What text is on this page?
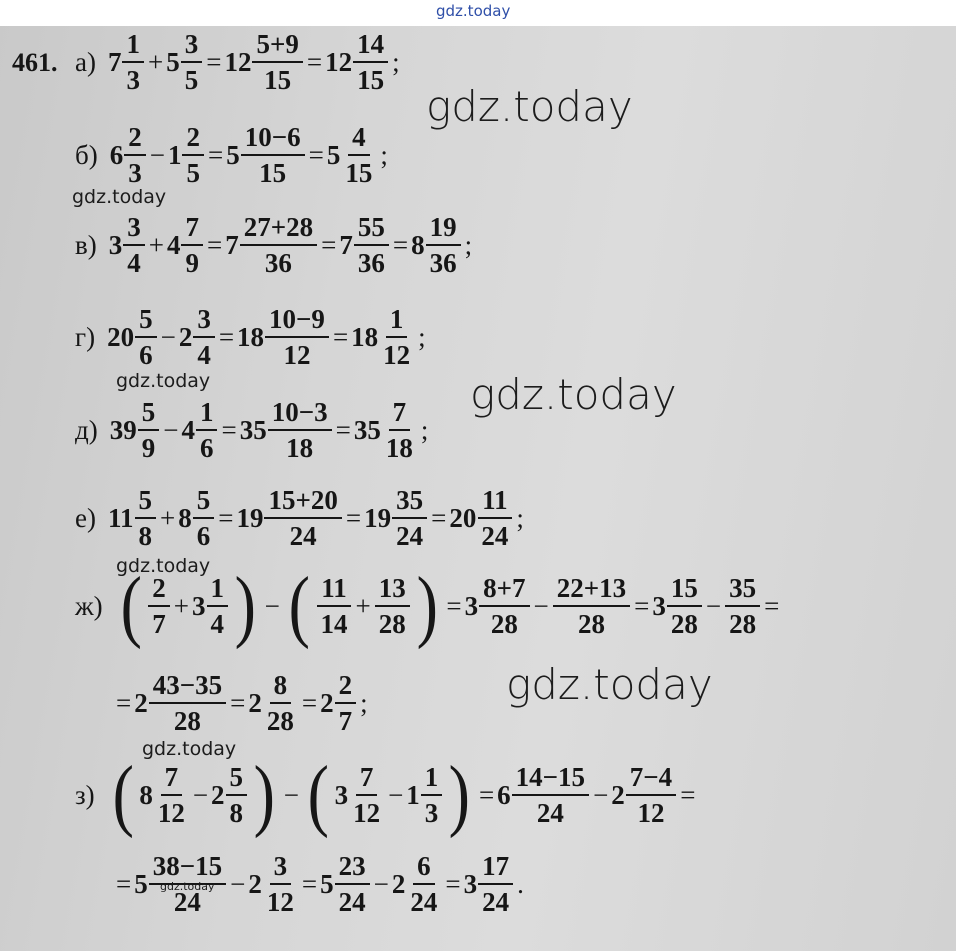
gdz.today
461. а) $7 \frac{1}{3} + 5 \frac{3}{5} = 12 \frac{5+9}{15} = 12 \frac{14}{15}$ ;
б) $6 \frac{2}{3} - 1 \frac{2}{5} = 5 \frac{10-6}{15} = 5 \frac{4}{15}$ ;
в) $3 \frac{3}{4} + 4 \frac{7}{9} = 7 \frac{27+28}{36} = 7 \frac{55}{36} = 8 \frac{19}{36}$ ;
г) $20 \frac{5}{6} - 2 \frac{3}{4} = 18 \frac{10-9}{12} = 18 \frac{1}{12}$ ;
д) $39 \frac{5}{9} - 4 \frac{1}{6} = 35 \frac{10-3}{18} = 35 \frac{7}{18}$ ;
е) $11 \frac{5}{8} + 8 \frac{5}{6} = 19 \frac{15+20}{24} = 19 \frac{35}{24} = 20 \frac{11}{24}$ ;
ж) ( $\frac{2}{7} + 3 \frac{1}{4}$ ) − ( $\frac{11}{14} + \frac{13}{28}$ ) = $3 \frac{8+7}{28} - \frac{22+13}{28} = 3 \frac{15}{28} - \frac{35}{28}$ =
= $2 \frac{43-35}{28} = 2 \frac{8}{28} = 2 \frac{2}{7}$ ;
з) ( $8 \frac{7}{12} - 2 \frac{5}{8}$ ) − ( $3 \frac{7}{12} - 1 \frac{1}{3}$ ) = $6 \frac{14-15}{24} - 2 \frac{7-4}{12}$ =
= $5 \frac{38-15}{24} - 2 \frac{3}{12} = 5 \frac{23}{24} - 2 \frac{6}{24} = 3 \frac{17}{24}$ .
gdz.today
gdz.today
gdz.today	gdz.today
gdz.today
gdz.today
gdz.today
gdz.today
